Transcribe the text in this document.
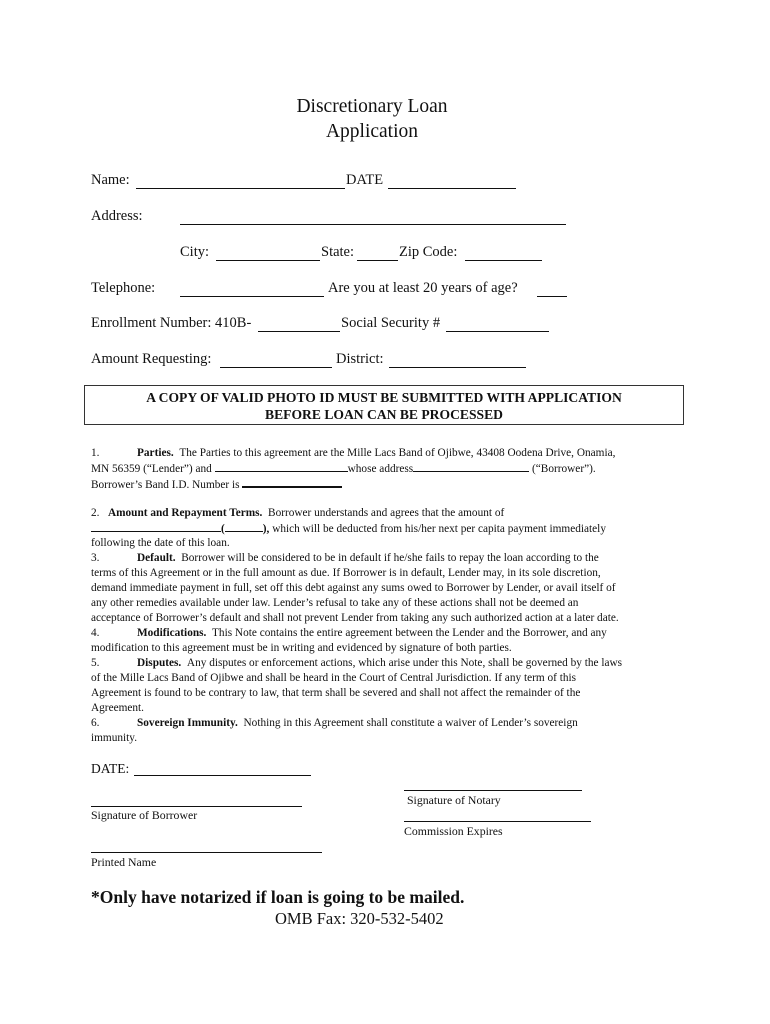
Discretionary Loan
Application
Name:	DATE
Address:
City:	State:	Zip Code:
Telephone:	Are you at least 20 years of age?
Enrollment Number: 410B-	Social Security #
Amount Requesting:	District:
A COPY OF VALID PHOTO ID MUST BE SUBMITTED WITH APPLICATION
BEFORE LOAN CAN BE PROCESSED
1.	Parties. The Parties to this agreement are the Mille Lacs Band of Ojibwe, 43408 Oodena Drive, Onamia,
MN 56359 (“Lender”) and	whose address	(“Borrower”).
Borrower’s Band I.D. Number is
2. Amount and Repayment Terms. Borrower understands and agrees that the amount of
(	), which will be deducted from his/her next per capita payment immediately
following the date of this loan.
3.	Default. Borrower will be considered to be in default if he/she fails to repay the loan according to the
terms of this Agreement or in the full amount as due. If Borrower is in default, Lender may, in its sole discretion,
demand immediate payment in full, set off this debt against any sums owed to Borrower by Lender, or avail itself of
any other remedies available under law. Lender’s refusal to take any of these actions shall not be deemed an
acceptance of Borrower’s default and shall not prevent Lender from taking any such authorized action at a later date.
4.	Modifications. This Note contains the entire agreement between the Lender and the Borrower, and any
modification to this agreement must be in writing and evidenced by signature of both parties.
5.	Disputes. Any disputes or enforcement actions, which arise under this Note, shall be governed by the laws
of the Mille Lacs Band of Ojibwe and shall be heard in the Court of Central Jurisdiction. If any term of this
Agreement is found to be contrary to law, that term shall be severed and shall not affect the remainder of the
Agreement.
6.	Sovereign Immunity. Nothing in this Agreement shall constitute a waiver of Lender’s sovereign
immunity.
DATE:
Signature of Notary
Signature of Borrower
Commission Expires
Printed Name
*Only have notarized if loan is going to be mailed.
OMB Fax: 320-532-5402
